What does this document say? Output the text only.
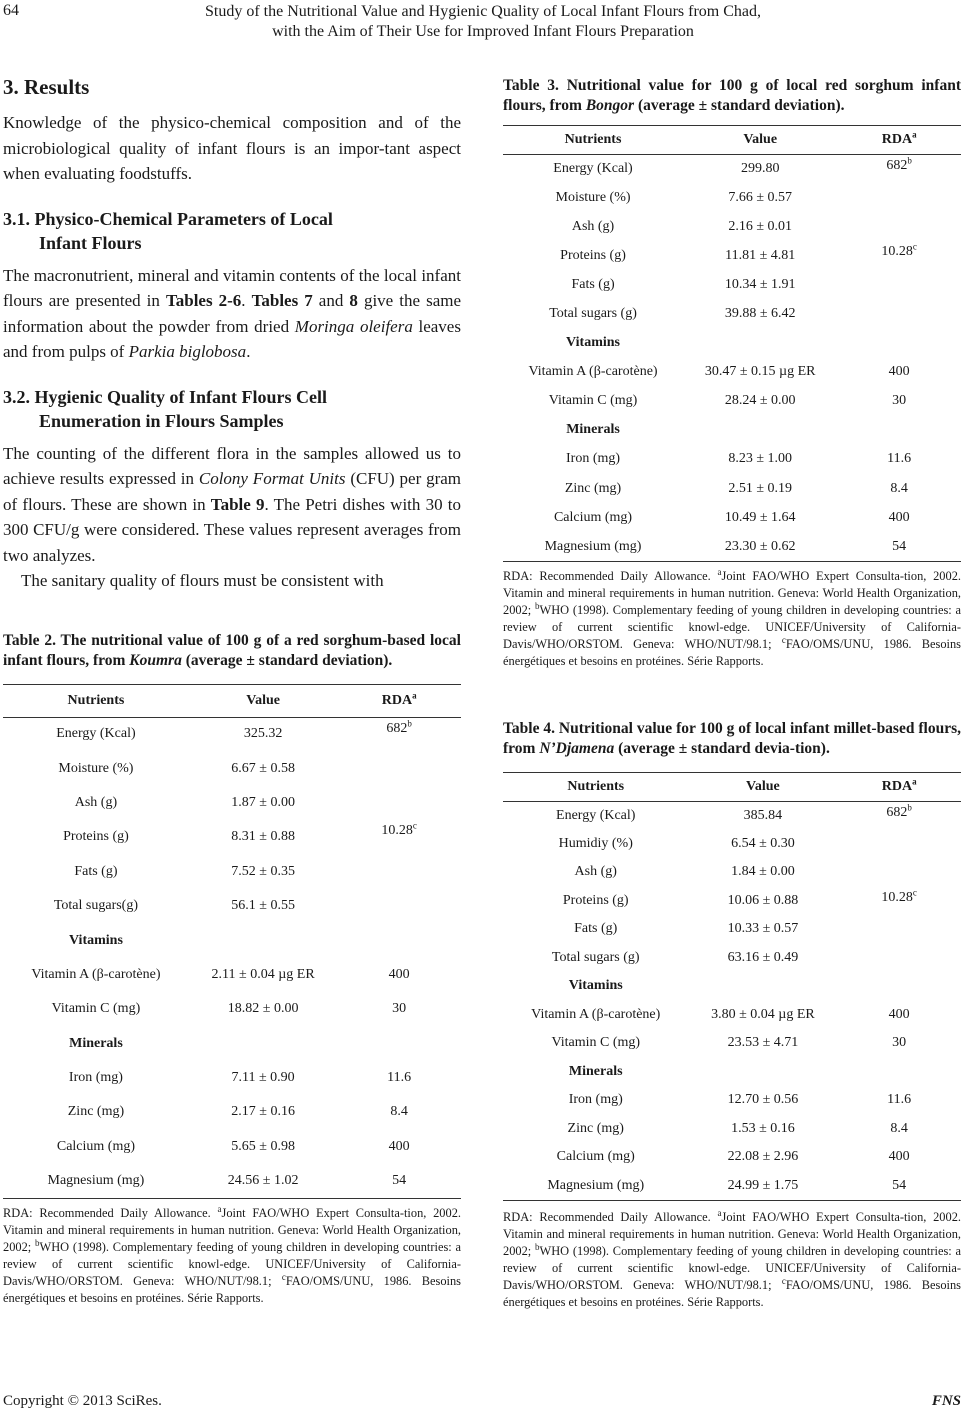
Study of the Nutritional Value and Hygienic Quality of Local Infant Flours from Chad,
with the Aim of Their Use for Improved Infant Flours Preparation
64
3. Results

Knowledge of the physico-chemical composition and of the microbiological quality of infant flours is an impor-tant aspect when evaluating foodstuffs.

3.1. Physico-Chemical Parameters of Local
Infant Flours

The macronutrient, mineral and vitamin contents of the local infant flours are presented in Tables 2-6. Tables 7 and 8 give the same information about the powder from dried Moringa oleifera leaves and from pulps of Parkia biglobosa.

3.2. Hygienic Quality of Infant Flours Cell
Enumeration in Flours Samples

The counting of the different flora in the samples allowed us to achieve results expressed in Colony Format Units (CFU) per gram of flours. These are shown in Table 9. The Petri dishes with 30 to 300 CFU/g were considered. These values represent averages from two analyzes.

The sanitary quality of flours must be consistent with

Table 2. The nutritional value of 100 g of a red sorghum-based local infant flours, from Koumra (average ± standard deviation).

Nutrients	Value	RDA$^a$
Energy (Kcal)	325.32	682$^b$
Moisture (%)	6.67 ± 0.58	
Ash (g)	1.87 ± 0.00	
Proteins (g)	8.31 ± 0.88	10.28$^c$
Fats (g)	7.52 ± 0.35	
Total sugars(g)	56.1 ± 0.55	
Vitamins		
Vitamin A (β-carotène)	2.11 ± 0.04 µg ER	400
Vitamin C (mg)	18.82 ± 0.00	30
Minerals		
Iron (mg)	7.11 ± 0.90	11.6
Zinc (mg)	2.17 ± 0.16	8.4
Calcium (mg)	5.65 ± 0.98	400
Magnesium (mg)	24.56 ± 1.02	54

RDA: Recommended Daily Allowance. $^a$Joint FAO/WHO Expert Consulta-tion, 2002. Vitamin and mineral requirements in human nutrition. Geneva: World Health Organization, 2002; $^b$WHO (1998). Complementary feeding of young children in developing countries: a review of current scientific knowl-edge. UNICEF/University of California-Davis/WHO/ORSTOM. Geneva: WHO/NUT/98.1; $^c$FAO/OMS/UNU, 1986. Besoins énergétiques et besoins en protéines. Série Rapports.

Table 3. Nutritional value for 100 g of local red sorghum infant flours, from Bongor (average ± standard deviation).

Nutrients	Value	RDA$^a$
Energy (Kcal)	299.80	682$^b$
Moisture (%)	7.66 ± 0.57	
Ash (g)	2.16 ± 0.01	
Proteins (g)	11.81 ± 4.81	10.28$^c$
Fats (g)	10.34 ± 1.91	
Total sugars (g)	39.88 ± 6.42	
Vitamins		
Vitamin A (β-carotène)	30.47 ± 0.15 µg ER	400
Vitamin C (mg)	28.24 ± 0.00	30
Minerals		
Iron (mg)	8.23 ± 1.00	11.6
Zinc (mg)	2.51 ± 0.19	8.4
Calcium (mg)	10.49 ± 1.64	400
Magnesium (mg)	23.30 ± 0.62	54

RDA: Recommended Daily Allowance. $^a$Joint FAO/WHO Expert Consulta-tion, 2002. Vitamin and mineral requirements in human nutrition. Geneva: World Health Organization, 2002; $^b$WHO (1998). Complementary feeding of young children in developing countries: a review of current scientific knowl-edge. UNICEF/University of California-Davis/WHO/ORSTOM. Geneva: WHO/NUT/98.1; $^c$FAO/OMS/UNU, 1986. Besoins énergétiques et besoins en protéines. Série Rapports.

Table 4. Nutritional value for 100 g of local infant millet-based flours, from N’Djamena (average ± standard devia-tion).

Nutrients	Value	RDA$^a$
Energy (Kcal)	385.84	682$^b$
Humidiy (%)	6.54 ± 0.30	
Ash (g)	1.84 ± 0.00	
Proteins (g)	10.06 ± 0.88	10.28$^c$
Fats (g)	10.33 ± 0.57	
Total sugars (g)	63.16 ± 0.49	
Vitamins		
Vitamin A (β-carotène)	3.80 ± 0.04 µg ER	400
Vitamin C (mg)	23.53 ± 4.71	30
Minerals		
Iron (mg)	12.70 ± 0.56	11.6
Zinc (mg)	1.53 ± 0.16	8.4
Calcium (mg)	22.08 ± 2.96	400
Magnesium (mg)	24.99 ± 1.75	54

RDA: Recommended Daily Allowance. $^a$Joint FAO/WHO Expert Consulta-tion, 2002. Vitamin and mineral requirements in human nutrition. Geneva: World Health Organization, 2002; $^b$WHO (1998). Complementary feeding of young children in developing countries: a review of current scientific knowl-edge. UNICEF/University of California-Davis/WHO/ORSTOM. Geneva: WHO/NUT/98.1; $^c$FAO/OMS/UNU, 1986. Besoins énergétiques et besoins en protéines. Série Rapports.

Copyright © 2013 SciRes.	FNS
